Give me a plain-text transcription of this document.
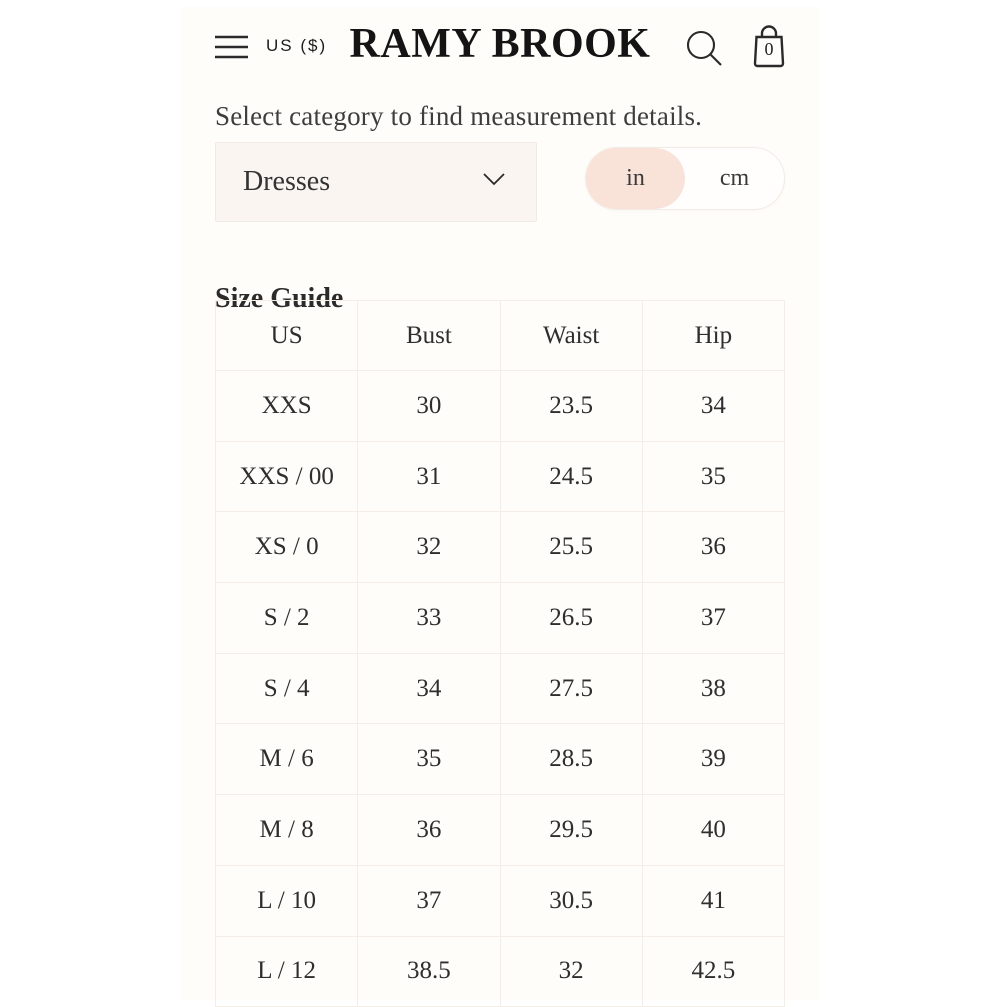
Select category to find measurement details.

US ($) RAMY BROOK	0
Dresses	in	cm
Size Guide
US	Bust	Waist	Hip
XXS	30	23.5	34
XXS / 00	31	24.5	35
XS / 0	32	25.5	36
S / 2	33	26.5	37
S / 4	34	27.5	38
M / 6	35	28.5	39
M / 8	36	29.5	40
L / 10	37	30.5	41
L / 12	38.5	32	42.5
